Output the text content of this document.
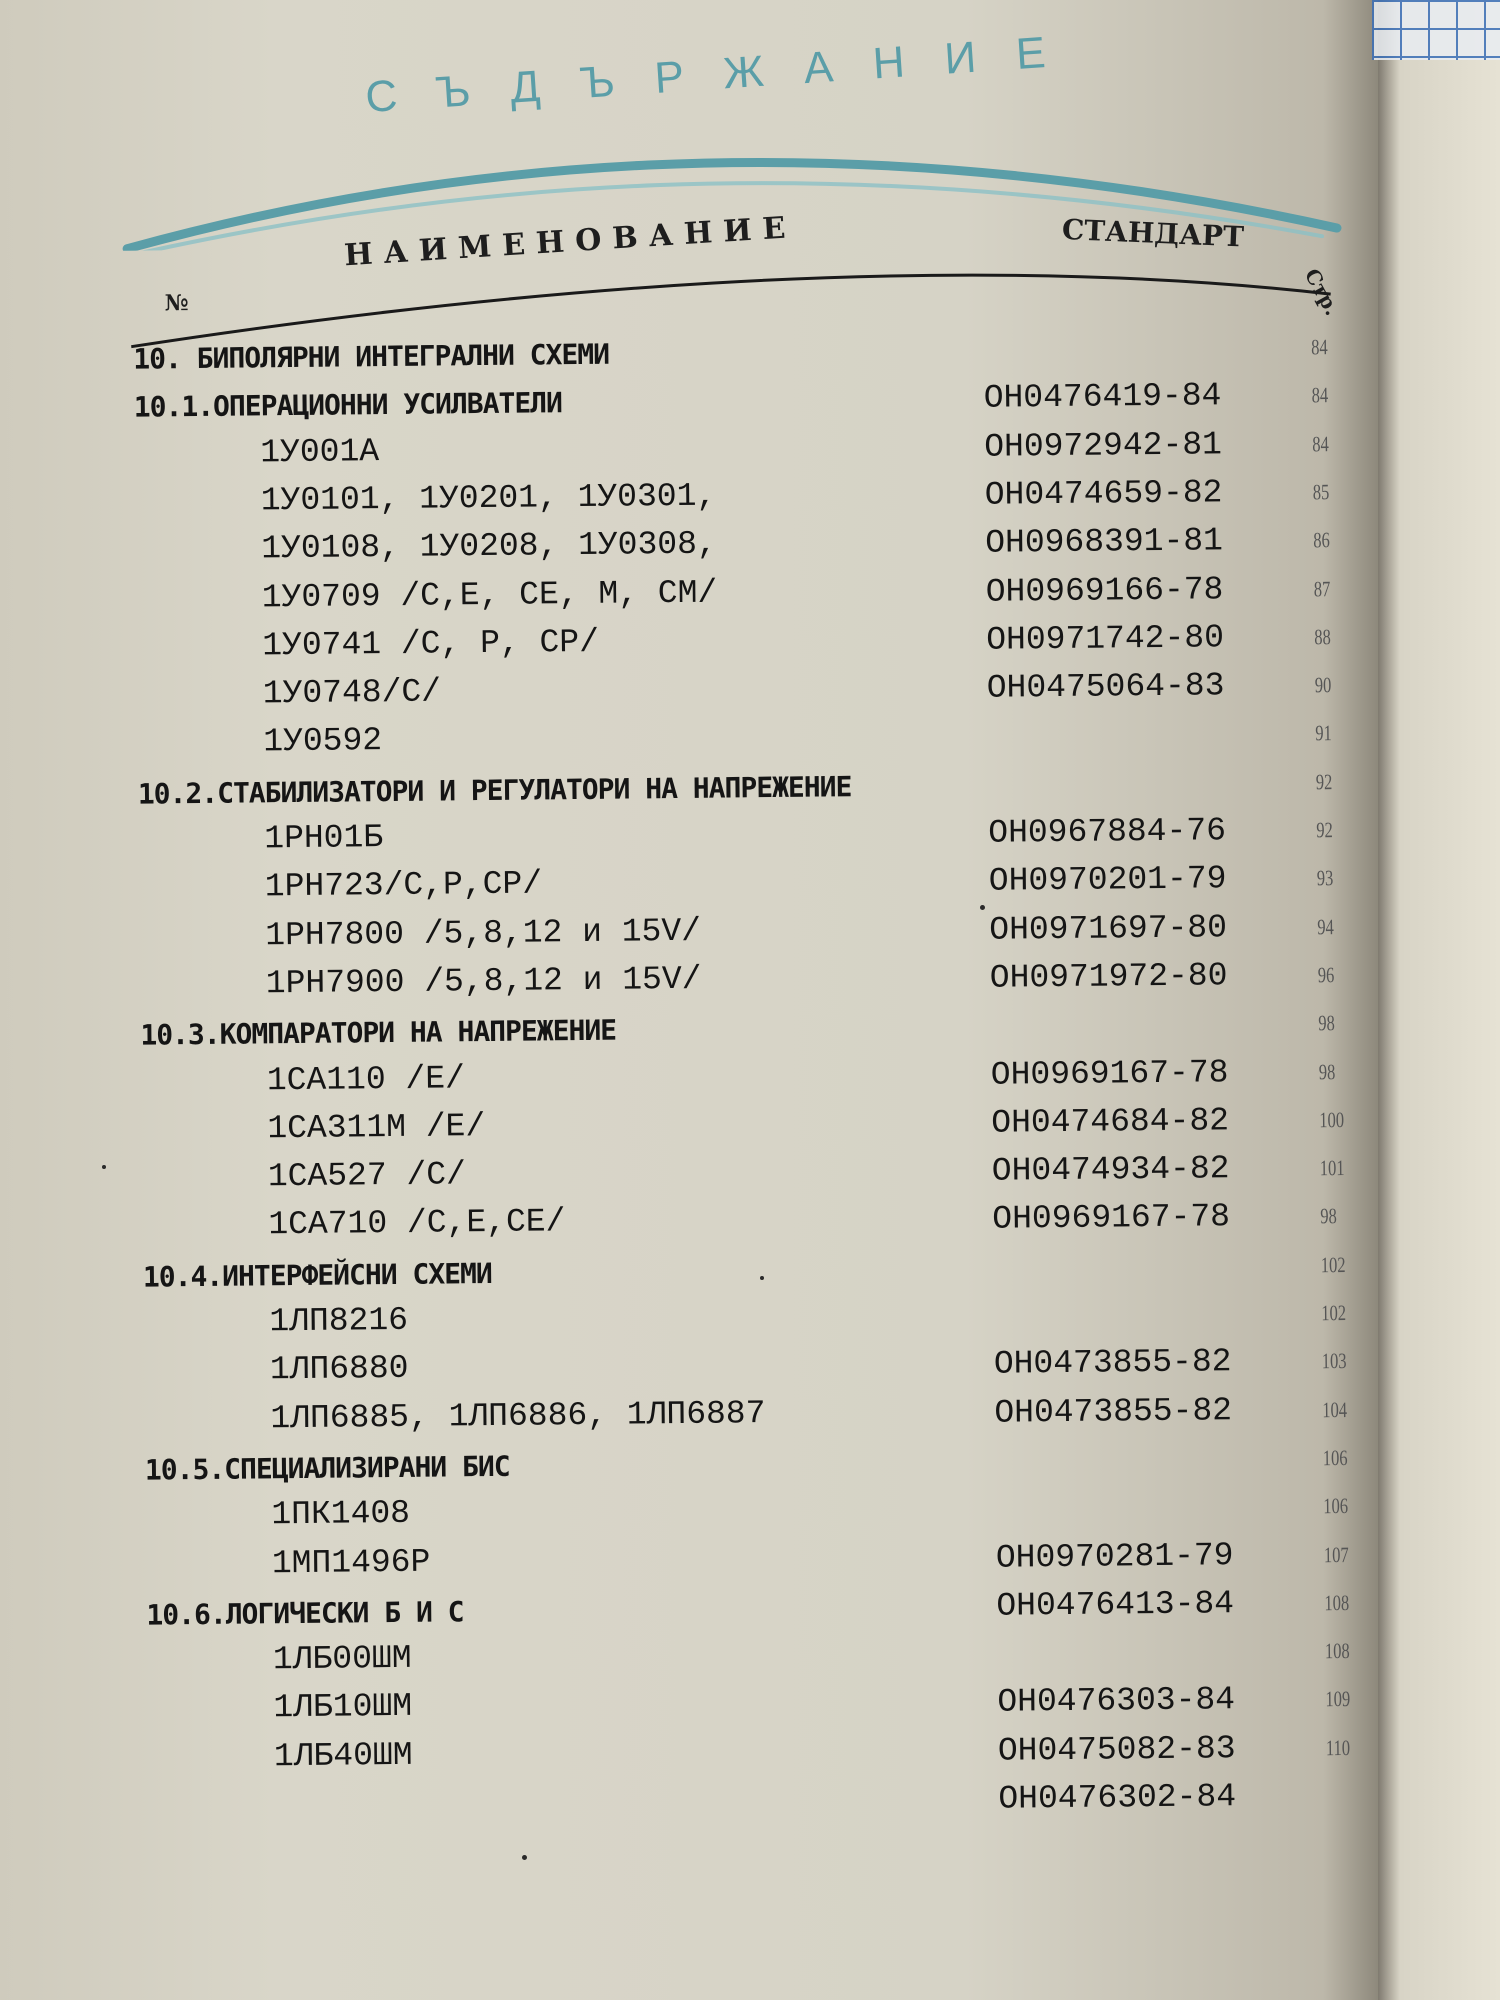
СЪДЪРЖАНИЕ
№
НАИМЕНОВАНИЕ	СТАНДАРТ
Стр.
10. БИПОЛЯРНИ ИНТЕГРАЛНИ СХЕМИ	84
10.1.ОПЕРАЦИОННИ УСИЛВАТЕЛИ	ОН0476419-84	84
1У001А	ОН0972942-81	84
1У0101, 1У0201, 1У0301,	ОН0474659-82	85
1У0108, 1У0208, 1У0308,	ОН0968391-81	86
1У0709 /С,Е, СЕ, М, СМ/	ОН0969166-78	87
1У0741 /С, Р, СР/	ОН0971742-80	88
1У0748/С/	ОН0475064-83	90
1У0592	91
10.2.СТАБИЛИЗАТОРИ И РЕГУЛАТОРИ НА НАПРЕЖЕНИЕ	92
1РН01Б	ОН0967884-76	92
1РН723/С,Р,СР/	ОН0970201-79	93
1РН7800 /5,8,12 и 15V/	ОН0971697-80	94
1РН7900 /5,8,12 и 15V/	ОН0971972-80	96
10.3.КОМПАРАТОРИ НА НАПРЕЖЕНИЕ	98
1СА110 /Е/	ОН0969167-78	98
1СА311М /Е/	ОН0474684-82	100
1СА527 /С/	ОН0474934-82	101
1СА710 /С,Е,СЕ/	ОН0969167-78	98
10.4.ИНТЕРФЕЙСНИ СХЕМИ	102
1ЛП8216	102
1ЛП6880	ОН0473855-82	103
1ЛП6885, 1ЛП6886, 1ЛП6887	ОН0473855-82	104
10.5.СПЕЦИАЛИЗИРАНИ БИС	106
1ПК1408	106
1МП1496Р	ОН0970281-79	107
10.6.ЛОГИЧЕСКИ Б И С	ОН0476413-84	108
1ЛБ00ШМ	108
1ЛБ10ШМ	ОН0476303-84	109
1ЛБ40ШМ	ОН0475082-83	110
ОН0476302-84
